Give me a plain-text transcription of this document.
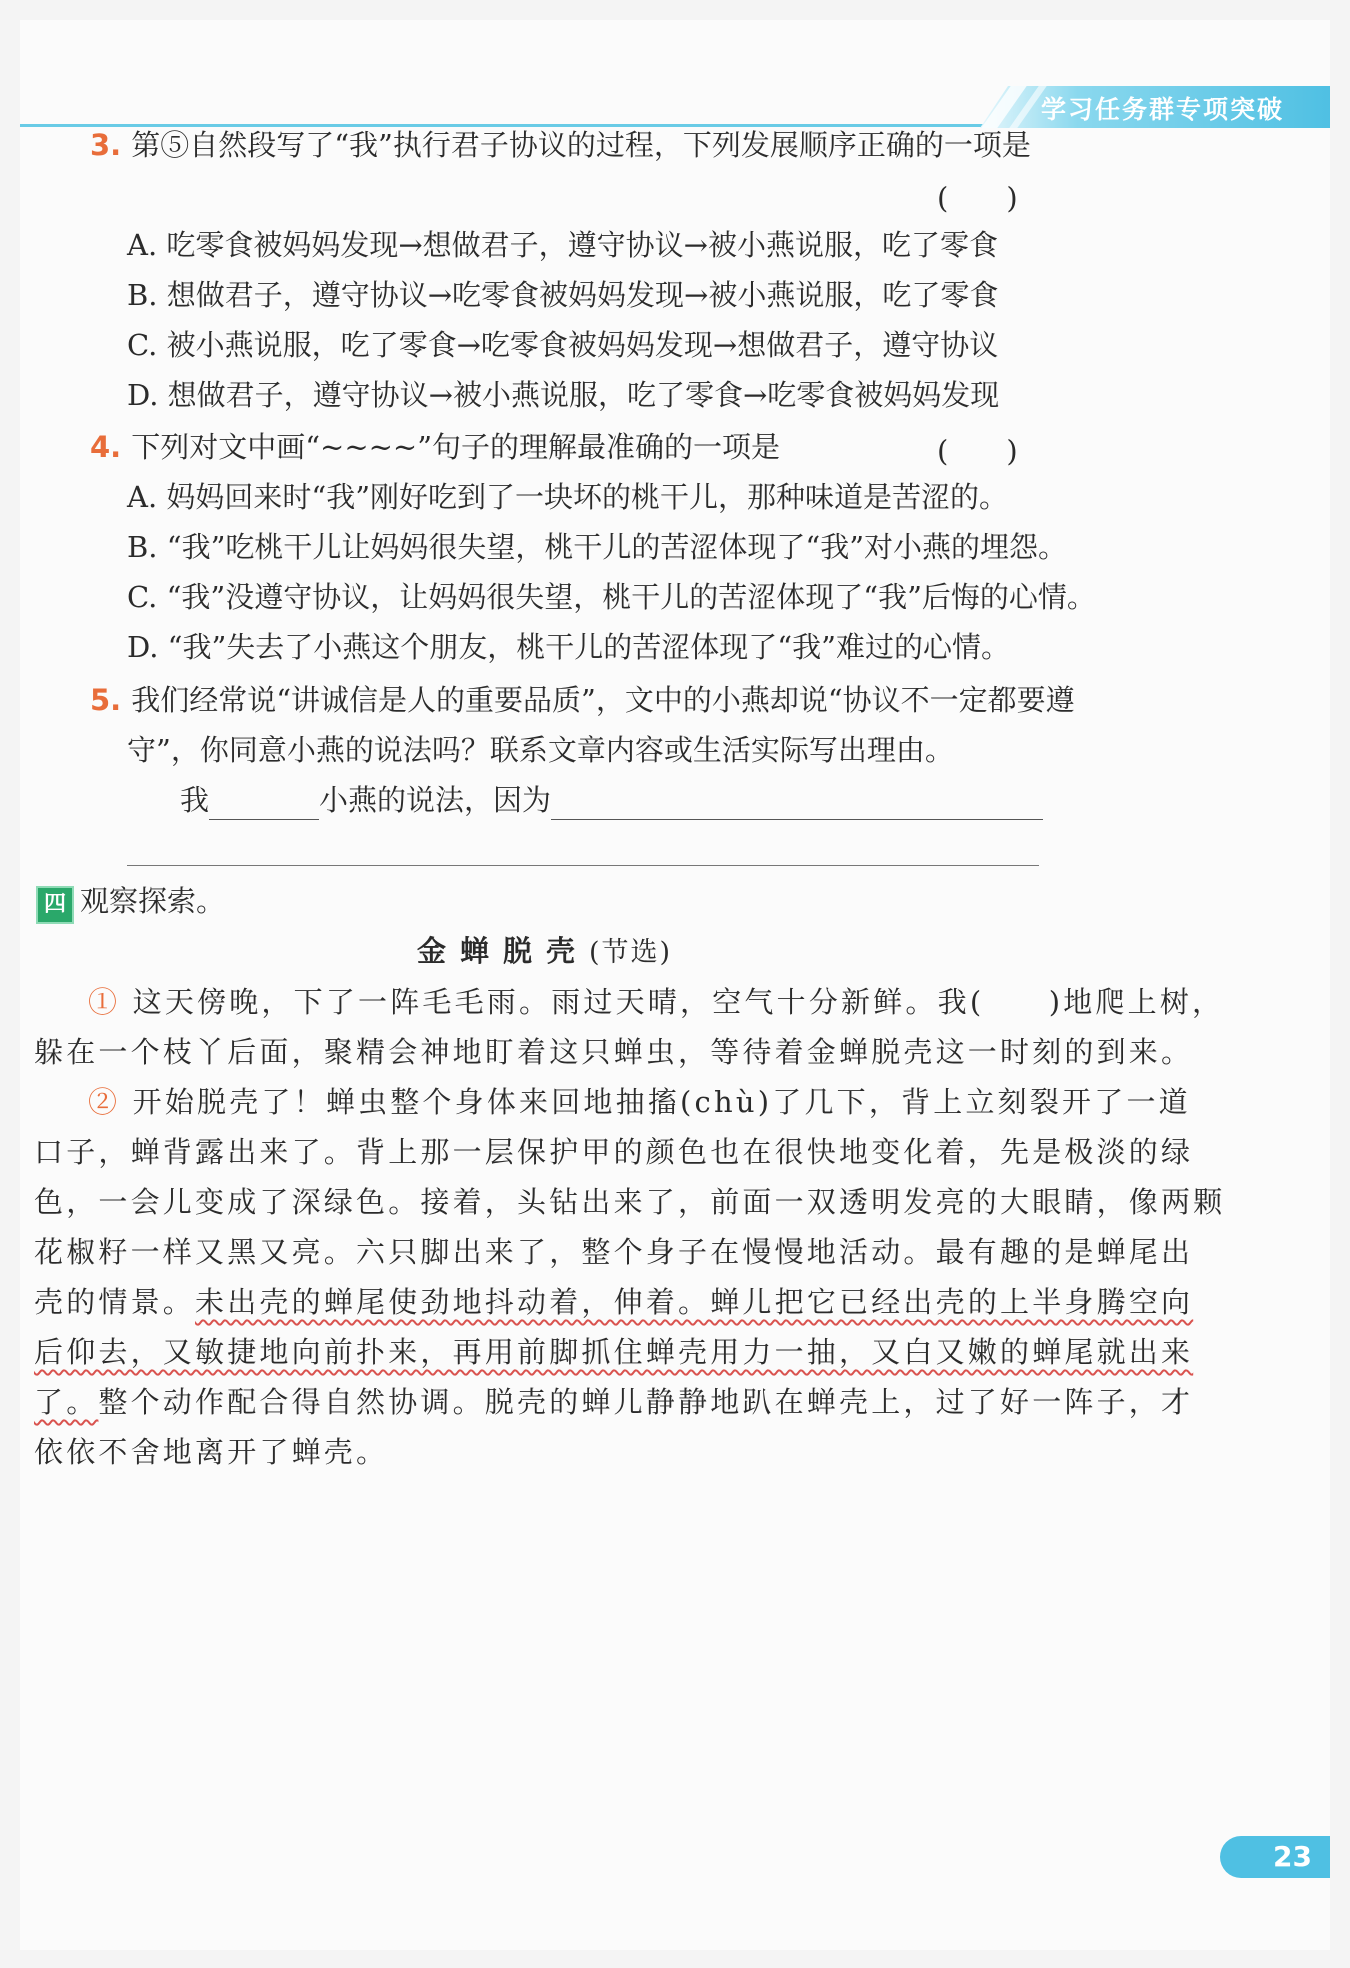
学习任务群专项突破
3. 第⑤自然段写了“我”执行君子协议的过程，下列发展顺序正确的一项是
(　　)
A. 吃零食被妈妈发现→想做君子，遵守协议→被小燕说服，吃了零食
B. 想做君子，遵守协议→吃零食被妈妈发现→被小燕说服，吃了零食
C. 被小燕说服，吃了零食→吃零食被妈妈发现→想做君子，遵守协议
D. 想做君子，遵守协议→被小燕说服，吃了零食→吃零食被妈妈发现
4. 下列对文中画“~~~~”句子的理解最准确的一项是	(　　)
A. 妈妈回来时“我”刚好吃到了一块坏的桃干儿，那种味道是苦涩的。
B. “我”吃桃干儿让妈妈很失望，桃干儿的苦涩体现了“我”对小燕的埋怨。
C. “我”没遵守协议，让妈妈很失望，桃干儿的苦涩体现了“我”后悔的心情。
D. “我”失去了小燕这个朋友，桃干儿的苦涩体现了“我”难过的心情。
5. 我们经常说“讲诚信是人的重要品质”，文中的小燕却说“协议不一定都要遵
守”，你同意小燕的说法吗？联系文章内容或生活实际写出理由。
我	小燕的说法，因为
四 观察探索。
金蝉脱壳(节选)
① 这天傍晚，下了一阵毛毛雨。雨过天晴，空气十分新鲜。我(　　)地爬上树，
躲在一个枝丫后面，聚精会神地盯着这只蝉虫，等待着金蝉脱壳这一时刻的到来。
② 开始脱壳了！蝉虫整个身体来回地抽搐(chù)了几下，背上立刻裂开了一道
口子，蝉背露出来了。背上那一层保护甲的颜色也在很快地变化着，先是极淡的绿
色，一会儿变成了深绿色。接着，头钻出来了，前面一双透明发亮的大眼睛，像两颗
花椒籽一样又黑又亮。六只脚出来了，整个身子在慢慢地活动。最有趣的是蝉尾出
壳的情景。未出壳的蝉尾使劲地抖动着，伸着。蝉儿把它已经出壳的上半身腾空向
后仰去，又敏捷地向前扑来，再用前脚抓住蝉壳用力一抽，又白又嫩的蝉尾就出来
了。整个动作配合得自然协调。脱壳的蝉儿静静地趴在蝉壳上，过了好一阵子，才
依依不舍地离开了蝉壳。
23
